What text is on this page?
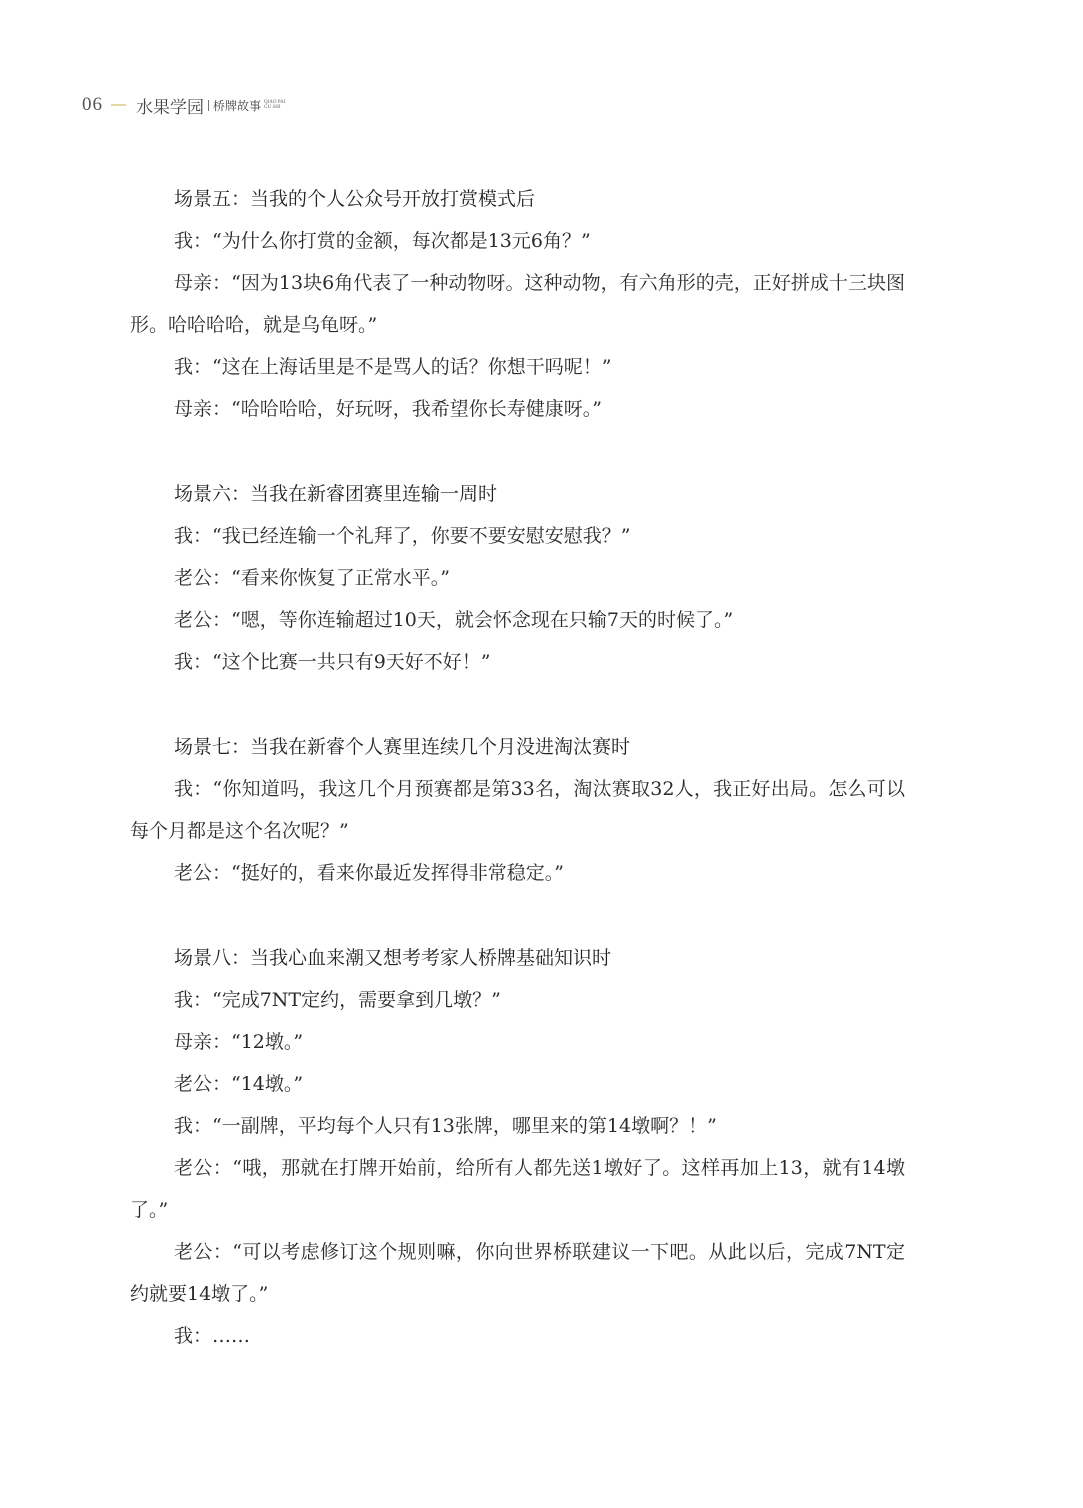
06 水果学园 桥牌故事 QIAO PAI
GU SHI
场景五：当我的个人公众号开放打赏模式后
我：“为什么你打赏的金额，每次都是13元6角？”
母亲：“因为13块6角代表了一种动物呀。这种动物，有六角形的壳，正好拼成十三块图形。哈哈哈哈，就是乌龟呀。”
我：“这在上海话里是不是骂人的话？你想干吗呢！”
母亲：“哈哈哈哈，好玩呀，我希望你长寿健康呀。”
场景六：当我在新睿团赛里连输一周时
我：“我已经连输一个礼拜了，你要不要安慰安慰我？”
老公：“看来你恢复了正常水平。”
老公：“嗯，等你连输超过10天，就会怀念现在只输7天的时候了。”
我：“这个比赛一共只有9天好不好！”
场景七：当我在新睿个人赛里连续几个月没进淘汰赛时
我：“你知道吗，我这几个月预赛都是第33名，淘汰赛取32人，我正好出局。怎么可以每个月都是这个名次呢？”
老公：“挺好的，看来你最近发挥得非常稳定。”
场景八：当我心血来潮又想考考家人桥牌基础知识时
我：“完成7NT定约，需要拿到几墩？”
母亲：“12墩。”
老公：“14墩。”
我：“一副牌，平均每个人只有13张牌，哪里来的第14墩啊？！”
老公：“哦，那就在打牌开始前，给所有人都先送1墩好了。这样再加上13，就有14墩了。”
老公：“可以考虑修订这个规则嘛，你向世界桥联建议一下吧。从此以后，完成7NT定约就要14墩了。”
我：……
